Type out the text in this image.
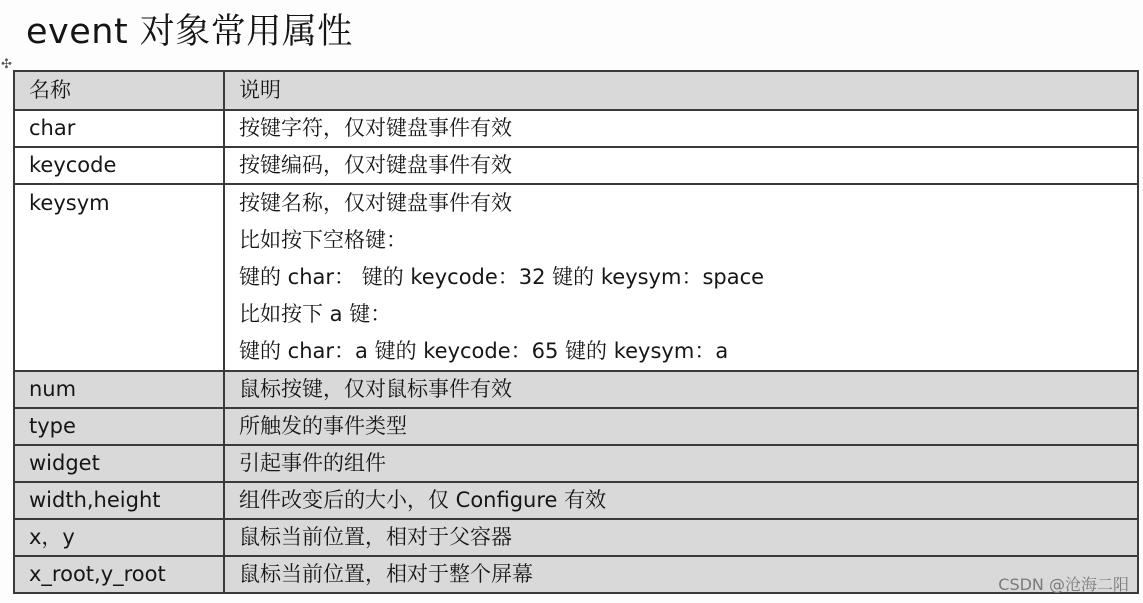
event 对象常用属性
✣
名称	说明
char	按键字符，仅对键盘事件有效
keycode	按键编码，仅对键盘事件有效
keysym	按键名称，仅对键盘事件有效
比如按下空格键：
键的 char： 键的 keycode：32 键的 keysym：space
比如按下 a 键：
键的 char：a 键的 keycode：65 键的 keysym：a

num	鼠标按键，仅对鼠标事件有效
type	所触发的事件类型
widget	引起事件的组件
width,height	组件改变后的大小，仅 Configure 有效
x，y	鼠标当前位置，相对于父容器
x_root,y_root	鼠标当前位置，相对于整个屏幕	CSDN @沧海二阳
